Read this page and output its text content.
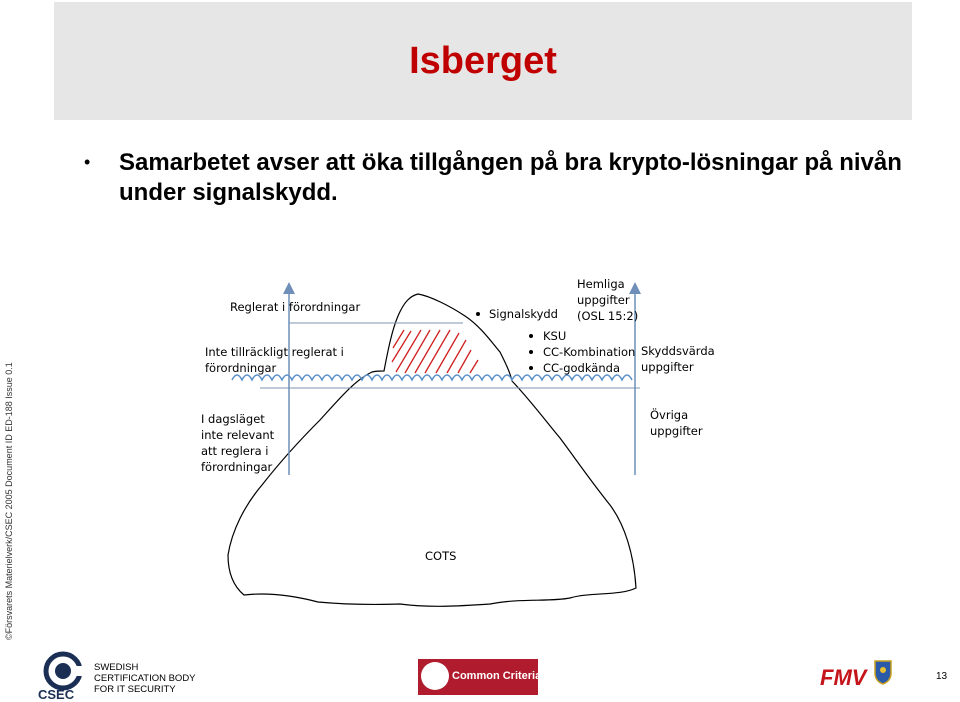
Isberget
• Samarbetet avser att öka tillgången på bra krypto-lösningar på nivån under signalskydd.
©Försvarets Materielverk/CSEC 2005 Document ID ED-188 Issue 0.1
Reglerat i förordningar
Inte tillräckligt reglerat i
förordningar
I dagsläget
inte relevant
att reglera i
förordningar
Signalskydd
KSU
CC-Kombination
CC-godkända
Hemliga
uppgifter
(OSL 15:2)
Skyddsvärda
uppgifter
Övriga
uppgifter
COTS
CSEC
SWEDISH
CERTIFICATION BODY
FOR IT SECURITY
Common Criteria	FMV	13
